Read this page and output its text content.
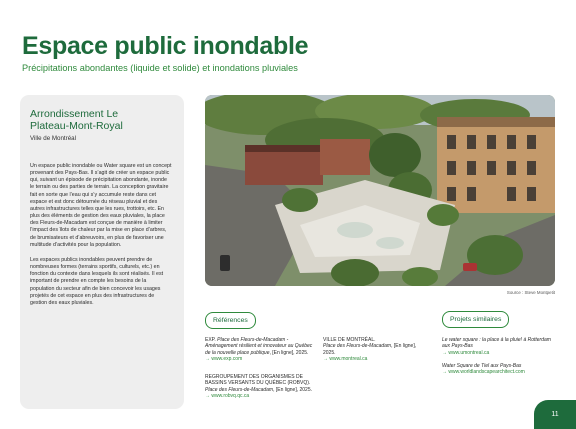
Espace public inondable
Précipitations abondantes (liquide et solide) et inondations pluviales
Arrondissement Le
Plateau-Mont-Royal
Ville de Montréal

Un espace public inondable ou Water square est un concept provenant des Pays-Bas. Il s’agit de créer un espace public qui, suivant un épisode de précipitation abondante, inonde le terrain ou des parties de terrain. La conception gravitaire fait en sorte que l’eau qui s’y accumule reste dans cet espace et est donc détournée du réseau pluvial et des autres infrastructures telles que les rues, trottoirs, etc. En plus des éléments de gestion des eaux pluviales, la place des Fleurs-de-Macadam est conçue de manière à limiter l’impact des îlots de chaleur par la mise en place d’arbres, de brumisateurs et d’abreuvoirs, en plus de favoriser une multitude d’activités pour la population.

Les espaces publics inondables peuvent prendre de nombreuses formes (terrains sportifs, culturels, etc.) en fonction du contexte dans lesquels ils sont réalisés. Il est important de prendre en compte les besoins de la population du secteur afin de bien concevoir les usages projetés de cet espace en plus des infrastructures de gestion des eaux pluviales.

Source : Steve Montpetit
Références
EXP. Place des Fleurs-de-Macadam - Aménagement résilient et innovateur au Québec de la nouvelle place publique, [En ligne], 2025.
→ www.exp.com
REGROUPEMENT DES ORGANISMES DE BASSINS VERSANTS DU QUÉBEC (ROBVQ).
Place des Fleurs-de-Macadam, [En ligne], 2025.
→ www.robvq.qc.ca
VILLE DE MONTRÉAL.
Place des Fleurs-de-Macadam, [En ligne], 2025.
→ www.montreal.ca
Projets similaires
Le water square : la place à la pluie! à Rotterdam aux Pays-Bas
→ www.umontreal.ca
Water Square de Tiel aux Pays-Bas
→ www.worldlandscapearchitect.com
11
